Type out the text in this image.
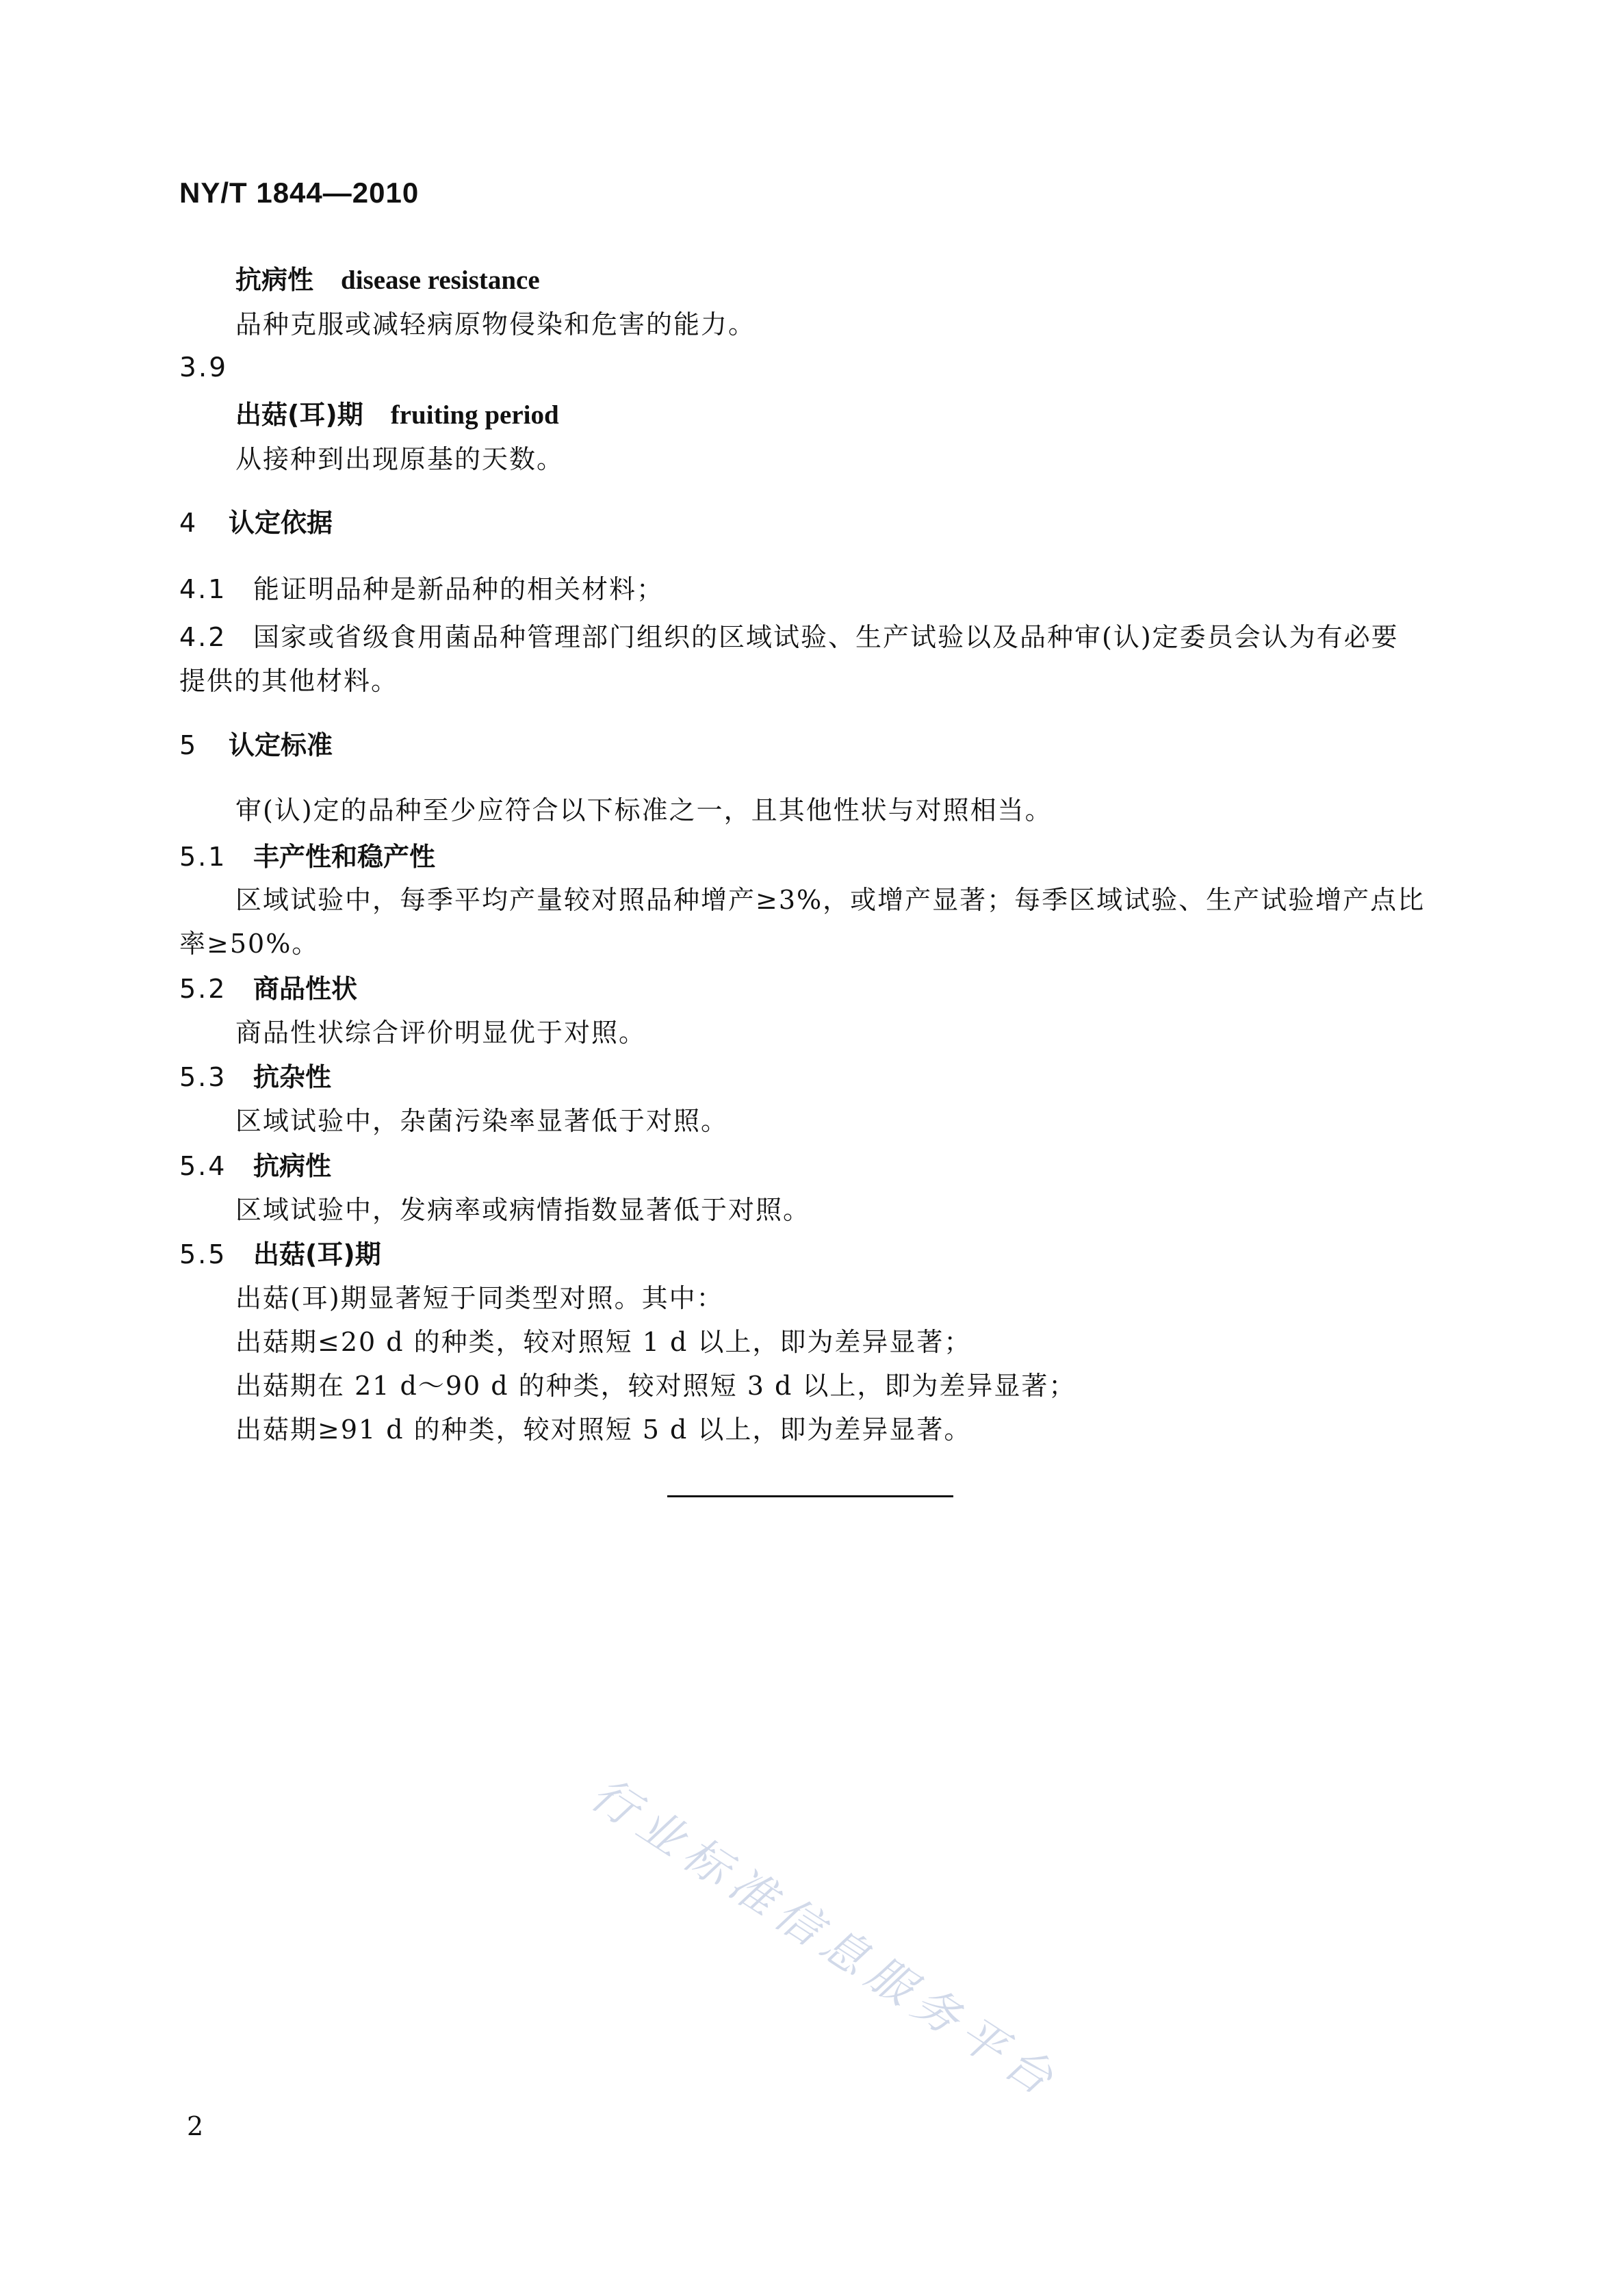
NY/T 1844—2010
抗病性 disease resistance
品种克服或减轻病原物侵染和危害的能力。
3.9
出菇(耳)期 fruiting period
从接种到出现原基的天数。
4 认定依据
4.1 能证明品种是新品种的相关材料；
4.2 国家或省级食用菌品种管理部门组织的区域试验、生产试验以及品种审(认)定委员会认为有必要
提供的其他材料。
5 认定标准
审(认)定的品种至少应符合以下标准之一，且其他性状与对照相当。
5.1 丰产性和稳产性
区域试验中，每季平均产量较对照品种增产≥3%，或增产显著；每季区域试验、生产试验增产点比
率≥50%。
5.2 商品性状
商品性状综合评价明显优于对照。
5.3 抗杂性
区域试验中，杂菌污染率显著低于对照。
5.4 抗病性
区域试验中，发病率或病情指数显著低于对照。
5.5 出菇(耳)期
出菇(耳)期显著短于同类型对照。其中：
出菇期≤20 d 的种类，较对照短 1 d 以上，即为差异显著；
出菇期在 21 d～90 d 的种类，较对照短 3 d 以上，即为差异显著；
出菇期≥91 d 的种类，较对照短 5 d 以上，即为差异显著。
行业标准信息服务平台
2
